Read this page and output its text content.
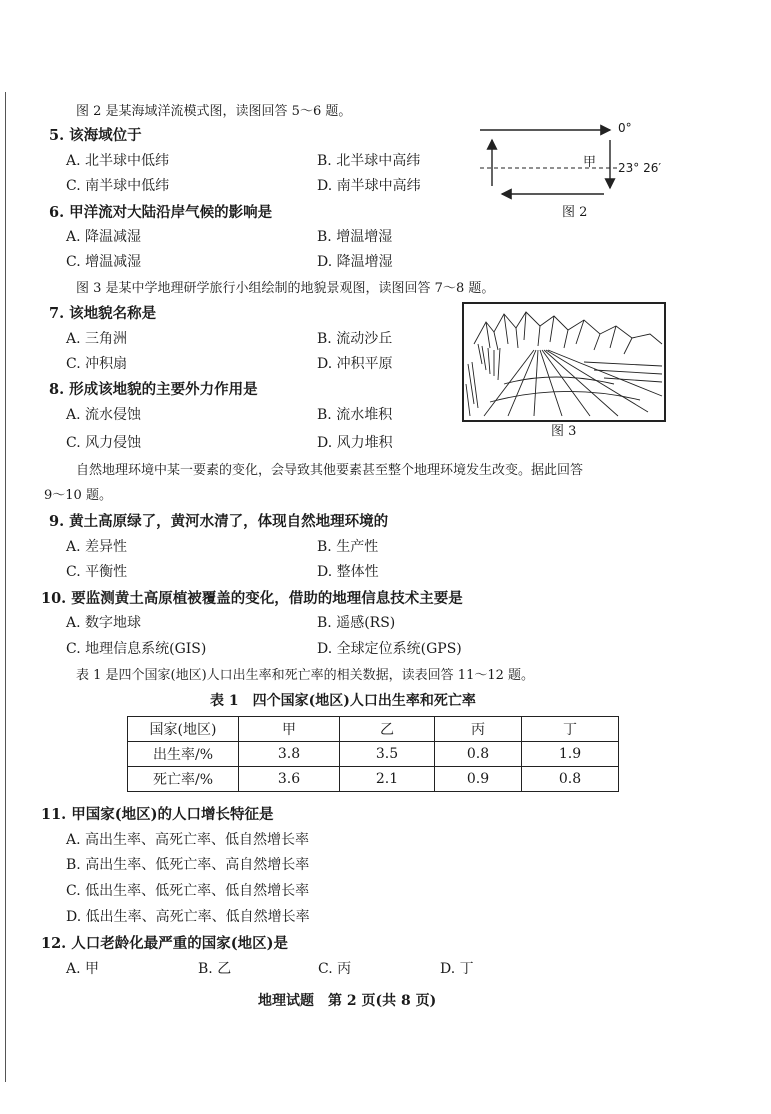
图 2 是某海域洋流模式图，读图回答 5～6 题。
5. 该海域位于
A. 北半球中低纬	B. 北半球中高纬
C. 南半球中低纬	D. 南半球中高纬
0°
甲 23° 26′
图 2
6. 甲洋流对大陆沿岸气候的影响是
A. 降温减湿	B. 增温增湿
C. 增温减湿	D. 降温增湿
图 3 是某中学地理研学旅行小组绘制的地貌景观图，读图回答 7～8 题。
7. 该地貌名称是
A. 三角洲	B. 流动沙丘
C. 冲积扇	D. 冲积平原
图 3
8. 形成该地貌的主要外力作用是
A. 流水侵蚀	B. 流水堆积
C. 风力侵蚀	D. 风力堆积
自然地理环境中某一要素的变化，会导致其他要素甚至整个地理环境发生改变。据此回答
9～10 题。
9. 黄土高原绿了，黄河水清了，体现自然地理环境的
A. 差异性	B. 生产性
C. 平衡性	D. 整体性
10. 要监测黄土高原植被覆盖的变化，借助的地理信息技术主要是
A. 数字地球	B. 遥感(RS)
C. 地理信息系统(GIS)	D. 全球定位系统(GPS)
表 1 是四个国家(地区)人口出生率和死亡率的相关数据，读表回答 11～12 题。
表 1　四个国家(地区)人口出生率和死亡率
国家(地区)	甲	乙	丙	丁
出生率/%	3.8	3.5	0.8	1.9
死亡率/%	3.6	2.1	0.9	0.8
11. 甲国家(地区)的人口增长特征是
A. 高出生率、高死亡率、低自然增长率
B. 高出生率、低死亡率、高自然增长率
C. 低出生率、低死亡率、低自然增长率
D. 低出生率、高死亡率、低自然增长率
12. 人口老龄化最严重的国家(地区)是
A. 甲	B. 乙	C. 丙	D. 丁
地理试题　第 2 页(共 8 页)
